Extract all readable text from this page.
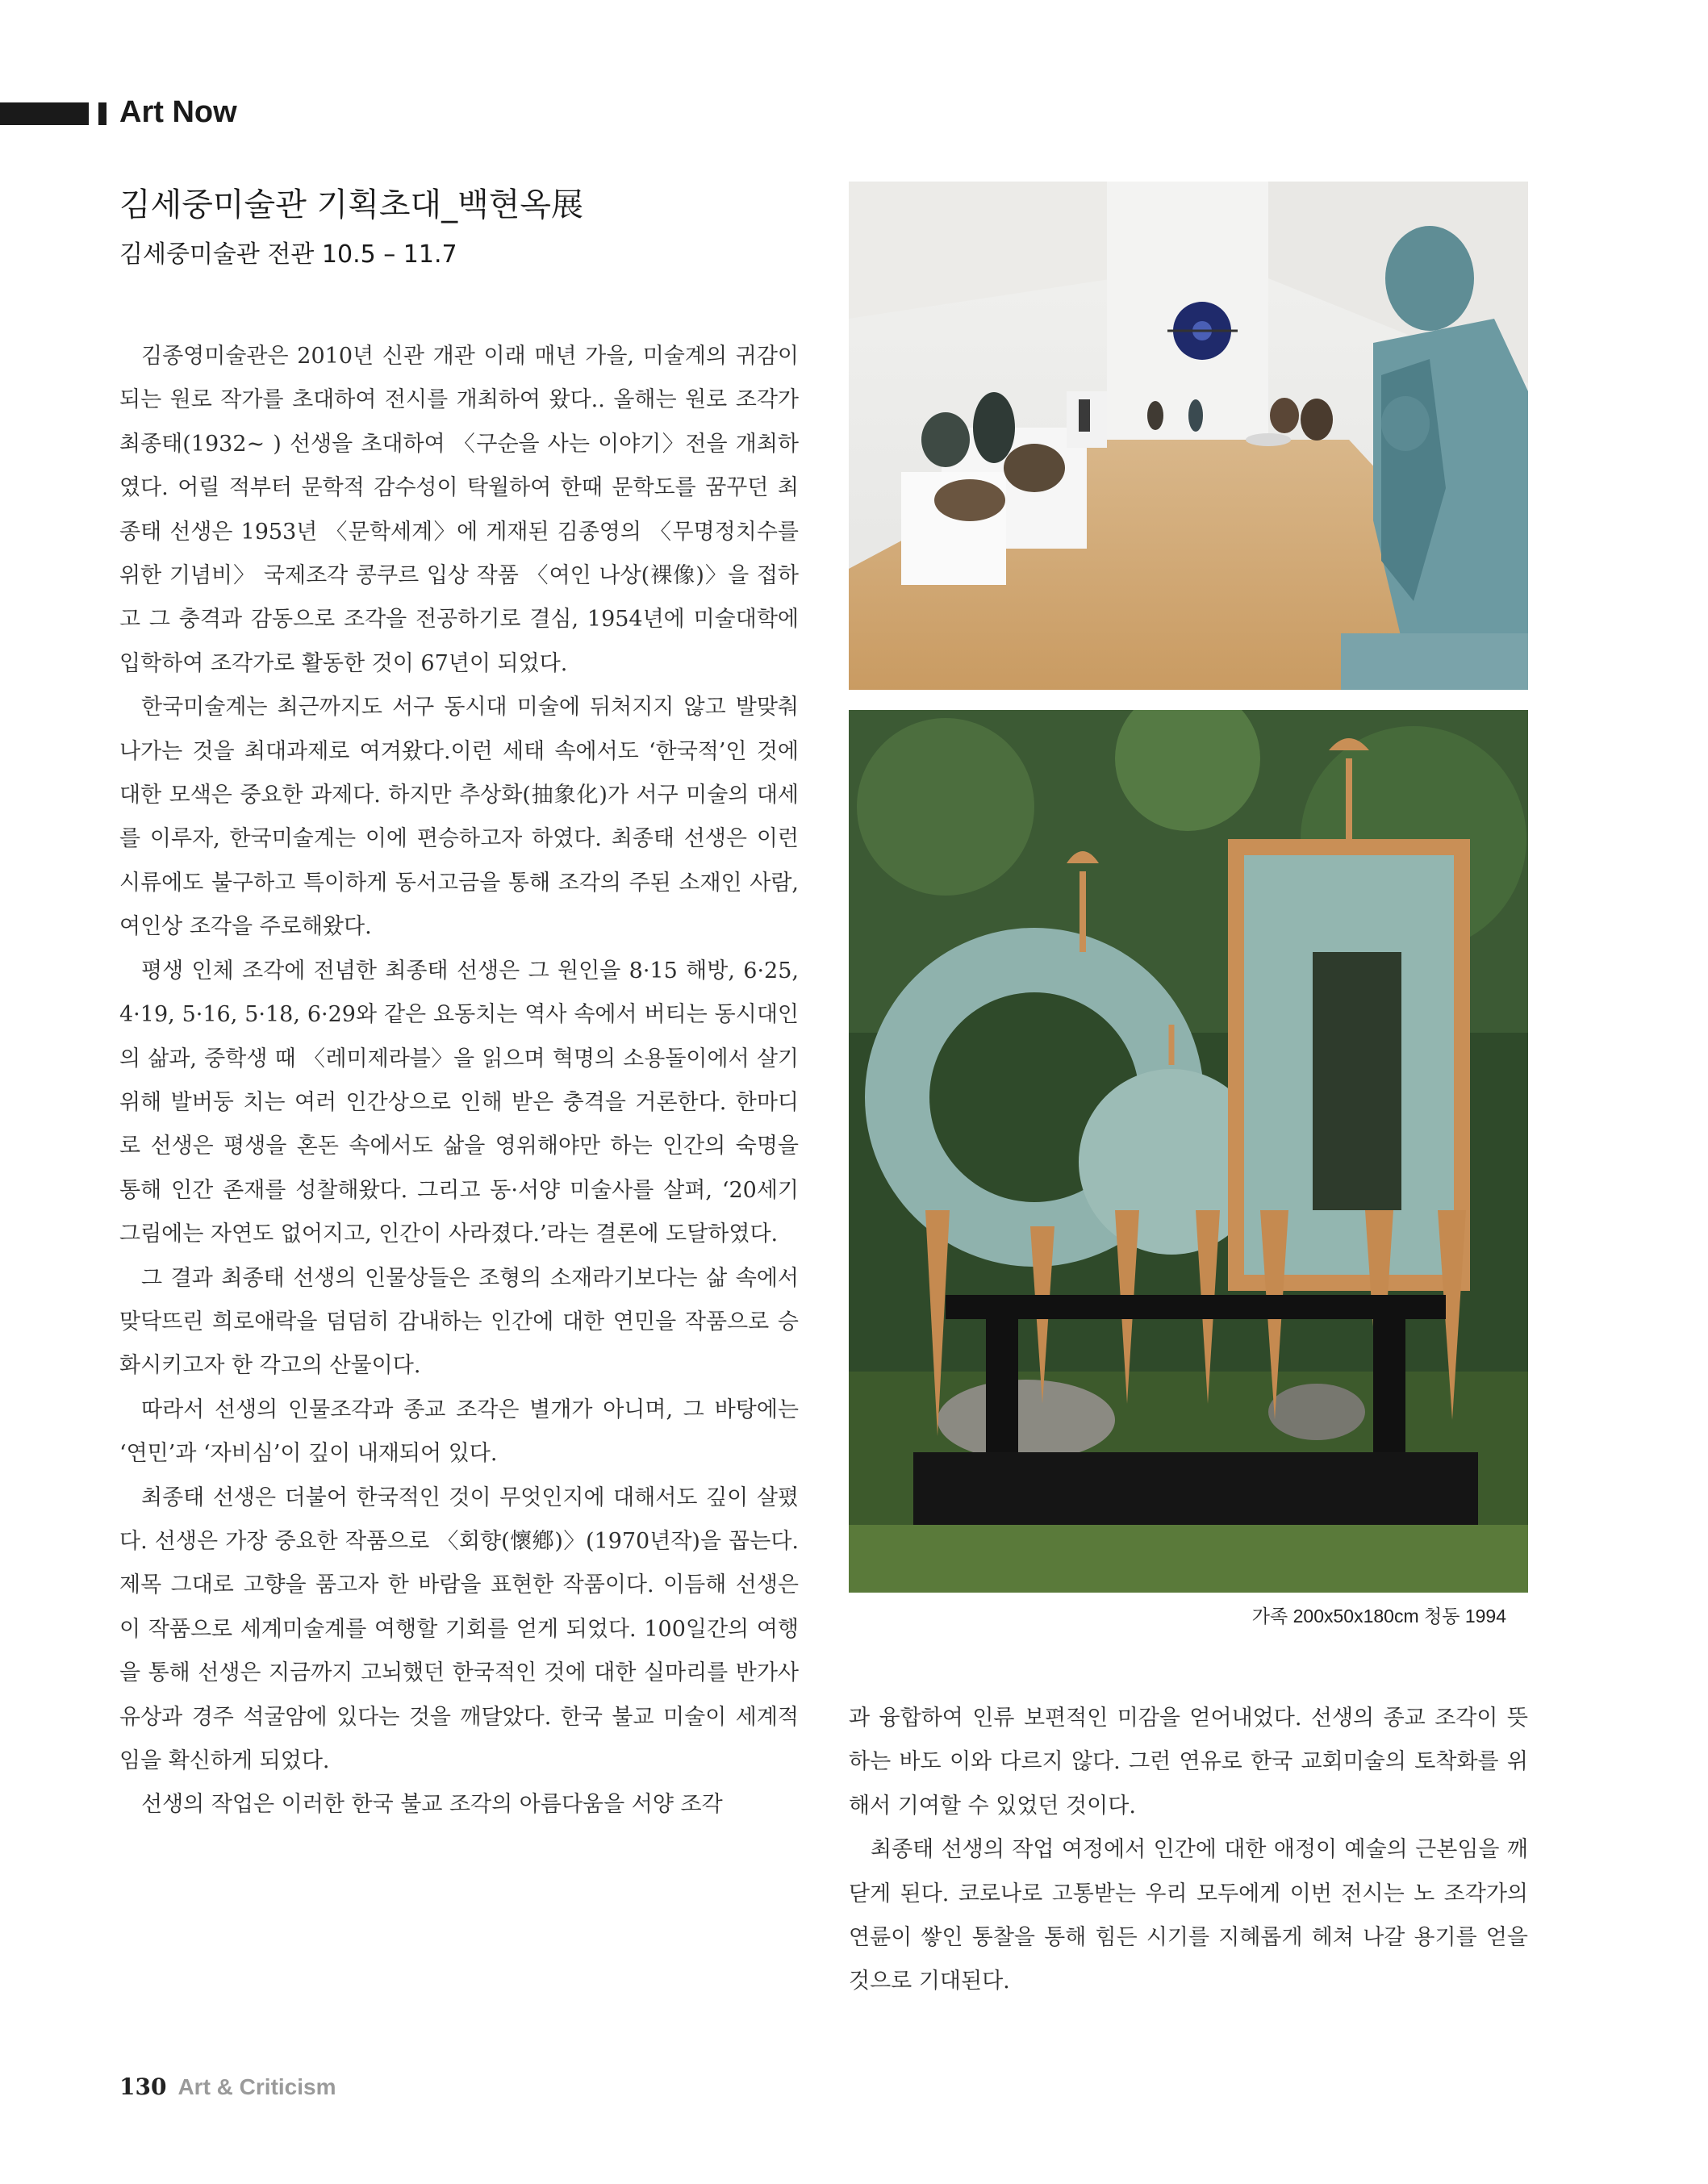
Art Now
김세중미술관 기획초대_백현옥展
김세중미술관 전관 10.5 – 11.7

김종영미술관은 2010년 신관 개관 이래 매년 가을, 미술계의 귀감이 되는 원로 작가를 초대하여 전시를 개최하여 왔다.. 올해는 원로 조각가 최종태(1932~ ) 선생을 초대하여 〈구순을 사는 이야기〉전을 개최하였다. 어릴 적부터 문학적 감수성이 탁월하여 한때 문학도를 꿈꾸던 최종태 선생은 1953년 〈문학세계〉에 게재된 김종영의 〈무명정치수를 위한 기념비〉 국제조각 콩쿠르 입상 작품 〈여인 나상(裸像)〉을 접하고 그 충격과 감동으로 조각을 전공하기로 결심, 1954년에 미술대학에 입학하여 조각가로 활동한 것이 67년이 되었다.

한국미술계는 최근까지도 서구 동시대 미술에 뒤처지지 않고 발맞춰 나가는 것을 최대과제로 여겨왔다.이런 세태 속에서도 ‘한국적’인 것에 대한 모색은 중요한 과제다. 하지만 추상화(抽象化)가 서구 미술의 대세를 이루자, 한국미술계는 이에 편승하고자 하였다. 최종태 선생은 이런 시류에도 불구하고 특이하게 동서고금을 통해 조각의 주된 소재인 사람, 여인상 조각을 주로해왔다.

평생 인체 조각에 전념한 최종태 선생은 그 원인을 8·15 해방, 6·25, 4·19, 5·16, 5·18, 6·29와 같은 요동치는 역사 속에서 버티는 동시대인의 삶과, 중학생 때 〈레미제라블〉을 읽으며 혁명의 소용돌이에서 살기 위해 발버둥 치는 여러 인간상으로 인해 받은 충격을 거론한다. 한마디로 선생은 평생을 혼돈 속에서도 삶을 영위해야만 하는 인간의 숙명을 통해 인간 존재를 성찰해왔다. 그리고 동·서양 미술사를 살펴, ‘20세기 그림에는 자연도 없어지고, 인간이 사라졌다.’라는 결론에 도달하였다.

그 결과 최종태 선생의 인물상들은 조형의 소재라기보다는 삶 속에서 맞닥뜨린 희로애락을 덤덤히 감내하는 인간에 대한 연민을 작품으로 승화시키고자 한 각고의 산물이다.

따라서 선생의 인물조각과 종교 조각은 별개가 아니며, 그 바탕에는 ‘연민’과 ‘자비심’이 깊이 내재되어 있다.

최종태 선생은 더불어 한국적인 것이 무엇인지에 대해서도 깊이 살폈다. 선생은 가장 중요한 작품으로 〈회향(懷鄕)〉(1970년작)을 꼽는다. 제목 그대로 고향을 품고자 한 바람을 표현한 작품이다. 이듬해 선생은 이 작품으로 세계미술계를 여행할 기회를 얻게 되었다. 100일간의 여행을 통해 선생은 지금까지 고뇌했던 한국적인 것에 대한 실마리를 반가사유상과 경주 석굴암에 있다는 것을 깨달았다. 한국 불교 미술이 세계적임을 확신하게 되었다.

선생의 작업은 이러한 한국 불교 조각의 아름다움을 서양 조각

가족 200x50x180cm 청동 1994

과 융합하여 인류 보편적인 미감을 얻어내었다. 선생의 종교 조각이 뜻하는 바도 이와 다르지 않다. 그런 연유로 한국 교회미술의 토착화를 위해서 기여할 수 있었던 것이다.

최종태 선생의 작업 여정에서 인간에 대한 애정이 예술의 근본임을 깨닫게 된다. 코로나로 고통받는 우리 모두에게 이번 전시는 노 조각가의 연륜이 쌓인 통찰을 통해 힘든 시기를 지혜롭게 헤쳐 나갈 용기를 얻을 것으로 기대된다.

130 Art & Criticism
